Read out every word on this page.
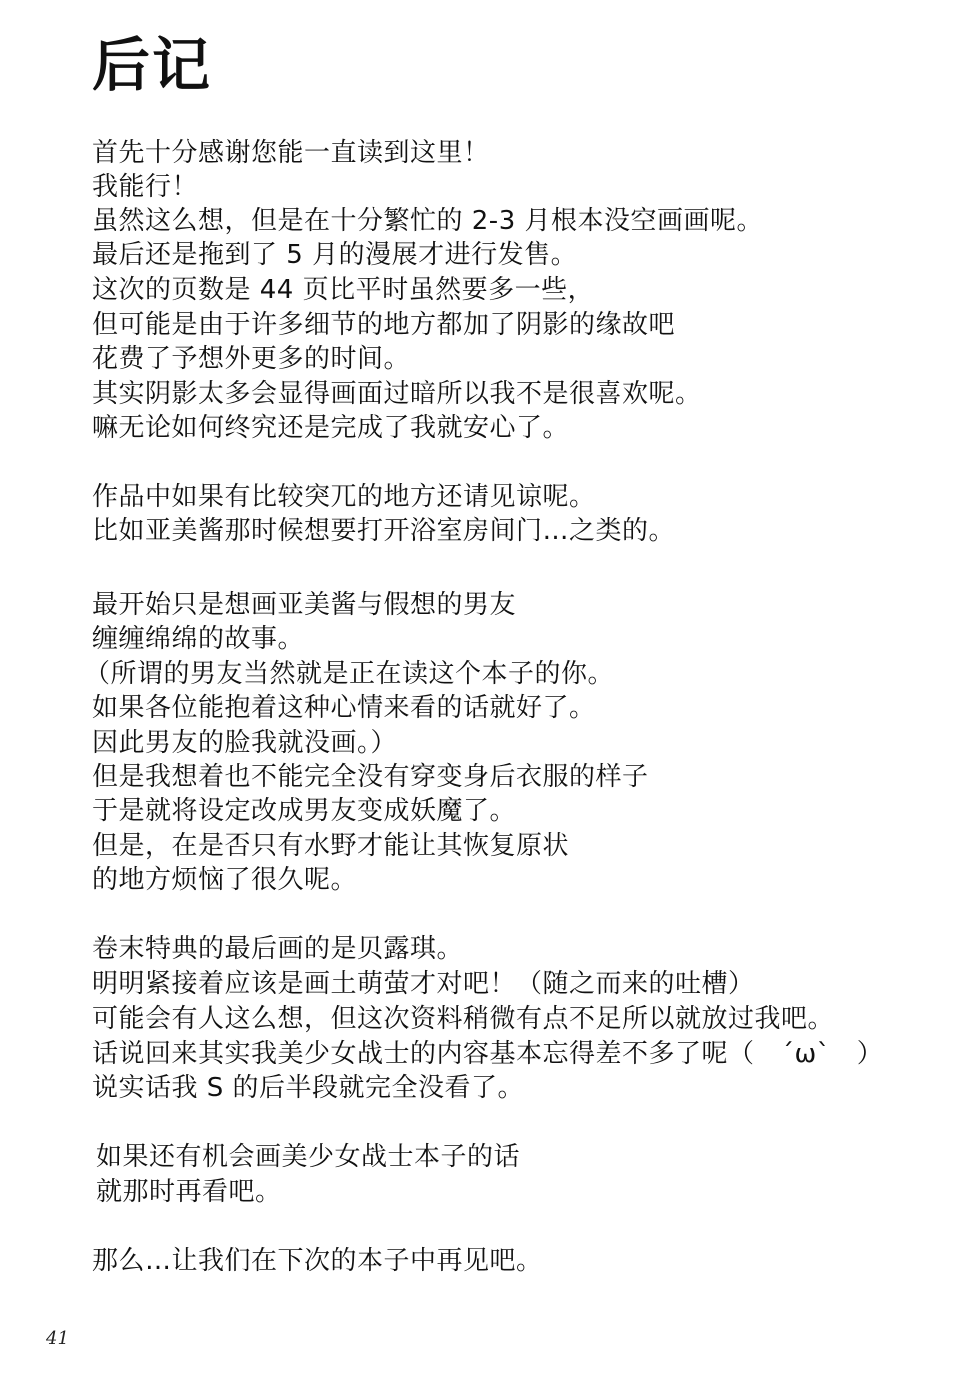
后记
首先十分感谢您能一直读到这里！
我能行！
虽然这么想，但是在十分繁忙的 2-3 月根本没空画画呢。
最后还是拖到了 5 月的漫展才进行发售。
这次的页数是 44 页比平时虽然要多一些，
但可能是由于许多细节的地方都加了阴影的缘故吧
花费了予想外更多的时间。
其实阴影太多会显得画面过暗所以我不是很喜欢呢。
嘛无论如何终究还是完成了我就安心了。
作品中如果有比较突兀的地方还请见谅呢。
比如亚美酱那时候想要打开浴室房间门…之类的。
最开始只是想画亚美酱与假想的男友
缠缠绵绵的故事。
（所谓的男友当然就是正在读这个本子的你。
如果各位能抱着这种心情来看的话就好了。
因此男友的脸我就没画。）
但是我想着也不能完全没有穿变身后衣服的样子
于是就将设定改成男友变成妖魔了。
但是，在是否只有水野才能让其恢复原状
的地方烦恼了很久呢。
卷末特典的最后画的是贝露琪。
明明紧接着应该是画土萌萤才对吧！（随之而来的吐槽）
可能会有人这么想，但这次资料稍微有点不足所以就放过我吧。
话说回来其实我美少女战士的内容基本忘得差不多了呢（　´ω`　）
说实话我 S 的后半段就完全没看了。
如果还有机会画美少女战士本子的话
就那时再看吧。
那么…让我们在下次的本子中再见吧。
41
